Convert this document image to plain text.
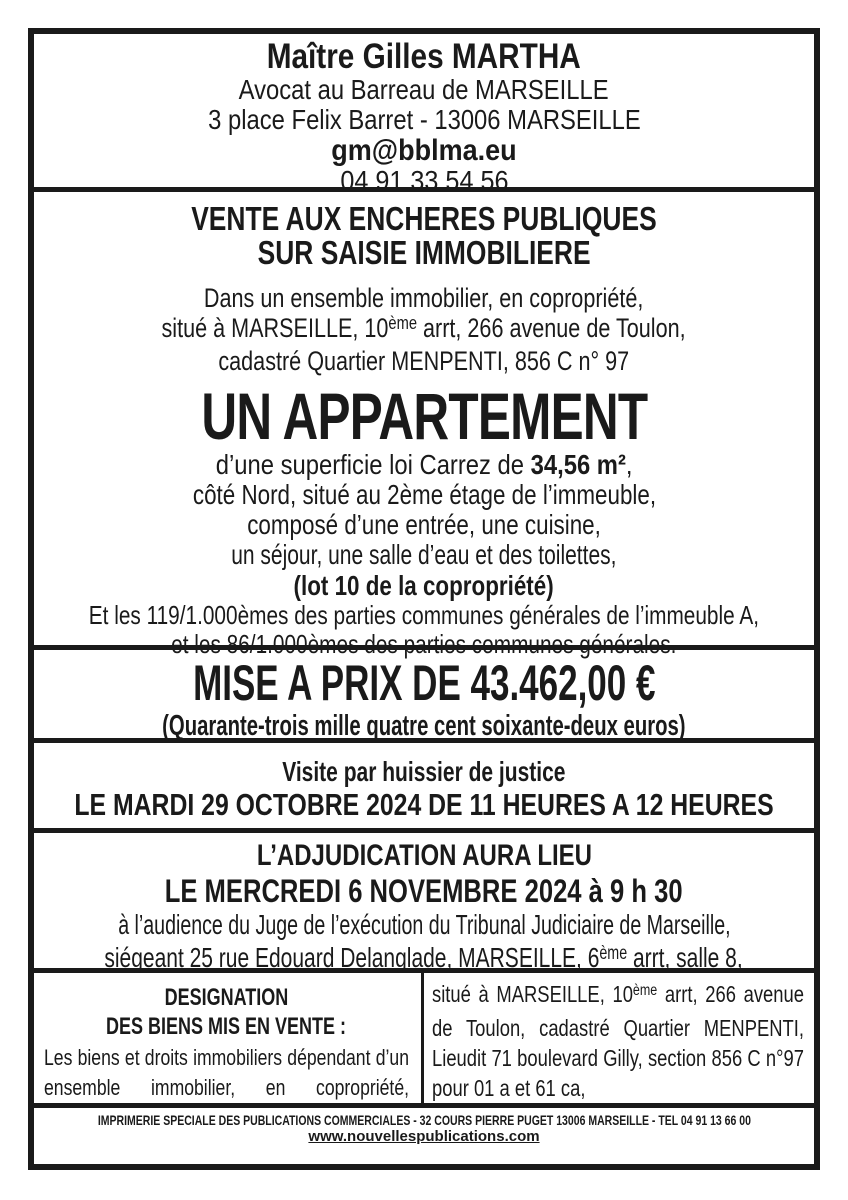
Maître Gilles MARTHA
Avocat au Barreau de MARSEILLE
3 place Felix Barret - 13006 MARSEILLE
gm@bblma.eu
04.91.33.54.56
VENTE AUX ENCHERES PUBLIQUES
SUR SAISIE IMMOBILIERE
Dans un ensemble immobilier, en copropriété,
situé à MARSEILLE, 10ème arrt, 266 avenue de Toulon,
cadastré Quartier MENPENTI, 856 C n° 97
UN APPARTEMENT
d’une superficie loi Carrez de 34,56 m²,
côté Nord, situé au 2ème étage de l’immeuble,
composé d’une entrée, une cuisine,
un séjour, une salle d’eau et des toilettes,
(lot 10 de la copropriété)
Et les 119/1.000èmes des parties communes générales de l’immeuble A,
et les 86/1.000èmes des parties communes générales.
MISE A PRIX DE 43.462,00 €
(Quarante-trois mille quatre cent soixante-deux euros)
Visite par huissier de justice
LE MARDI 29 OCTOBRE 2024 DE 11 HEURES A 12 HEURES
L’ADJUDICATION AURA LIEU
LE MERCREDI 6 NOVEMBRE 2024 à 9 h 30
à l’audience du Juge de l’exécution du Tribunal Judiciaire de Marseille,
siégeant 25 rue Edouard Delanglade, MARSEILLE, 6ème arrt, salle 8,
DESIGNATION
DES BIENS MIS EN VENTE :
Les biens et droits immobiliers dépendant d’un ensemble immobilier, en copropriété,
situé à MARSEILLE, 10ème arrt, 266 avenue de Toulon, cadastré Quartier MENPENTI, Lieudit 71 boulevard Gilly, section 856 C n°97 pour 01 a et 61 ca,
IMPRIMERIE SPECIALE DES PUBLICATIONS COMMERCIALES - 32 COURS PIERRE PUGET 13006 MARSEILLE - TEL 04 91 13 66 00
www.nouvellespublications.com
